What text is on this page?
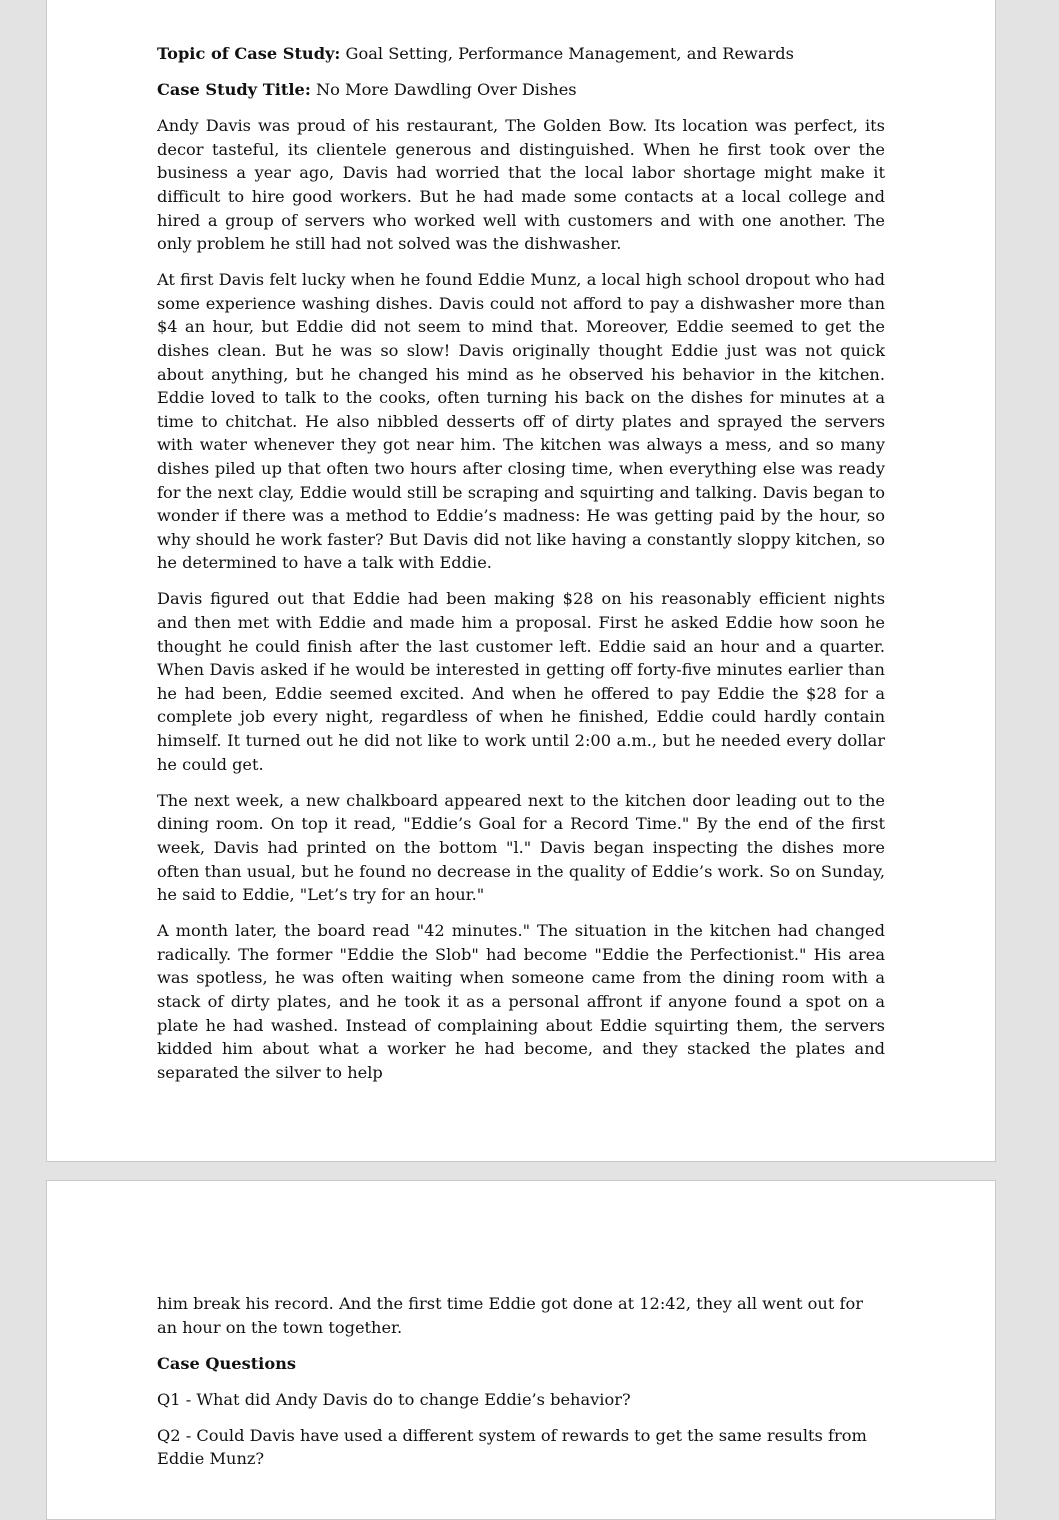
Topic of Case Study: Goal Setting, Performance Management, and Rewards

Case Study Title: No More Dawdling Over Dishes

Andy Davis was proud of his restaurant, The Golden Bow. Its location was perfect, its decor tasteful, its clientele generous and distinguished. When he first took over the business a year ago, Davis had worried that the local labor shortage might make it difficult to hire good workers. But he had made some contacts at a local college and hired a group of servers who worked well with customers and with one another. The only problem he still had not solved was the dishwasher.

At first Davis felt lucky when he found Eddie Munz, a local high school dropout who had some experience washing dishes. Davis could not afford to pay a dishwasher more than $4 an hour, but Eddie did not seem to mind that. Moreover, Eddie seemed to get the dishes clean. But he was so slow! Davis originally thought Eddie just was not quick about anything, but he changed his mind as he observed his behavior in the kitchen. Eddie loved to talk to the cooks, often turning his back on the dishes for minutes at a time to chitchat. He also nibbled desserts off of dirty plates and sprayed the servers with water whenever they got near him. The kitchen was always a mess, and so many dishes piled up that often two hours after closing time, when everything else was ready for the next clay, Eddie would still be scraping and squirting and talking. Davis began to wonder if there was a method to Eddie’s madness: He was getting paid by the hour, so why should he work faster? But Davis did not like having a constantly sloppy kitchen, so he determined to have a talk with Eddie.

Davis figured out that Eddie had been making $28 on his reasonably efficient nights and then met with Eddie and made him a proposal. First he asked Eddie how soon he thought he could finish after the last customer left. Eddie said an hour and a quarter. When Davis asked if he would be interested in getting off forty-five minutes earlier than he had been, Eddie seemed excited. And when he offered to pay Eddie the $28 for a complete job every night, regardless of when he finished, Eddie could hardly contain himself. It turned out he did not like to work until 2:00 a.m., but he needed every dollar he could get.

The next week, a new chalkboard appeared next to the kitchen door leading out to the dining room. On top it read, "Eddie’s Goal for a Record Time." By the end of the first week, Davis had printed on the bottom "l." Davis began inspecting the dishes more often than usual, but he found no decrease in the quality of Eddie’s work. So on Sunday, he said to Eddie, "Let’s try for an hour."

A month later, the board read "42 minutes." The situation in the kitchen had changed radically. The former "Eddie the Slob" had become "Eddie the Perfectionist." His area was spotless, he was often waiting when someone came from the dining room with a stack of dirty plates, and he took it as a personal affront if anyone found a spot on a plate he had washed. Instead of complaining about Eddie squirting them, the servers kidded him about what a worker he had become, and they stacked the plates and separated the silver to help

him break his record. And the first time Eddie got done at 12:42, they all went out for an hour on the town together.

Case Questions

Q1 - What did Andy Davis do to change Eddie’s behavior?

Q2 - Could Davis have used a different system of rewards to get the same results from Eddie Munz?
